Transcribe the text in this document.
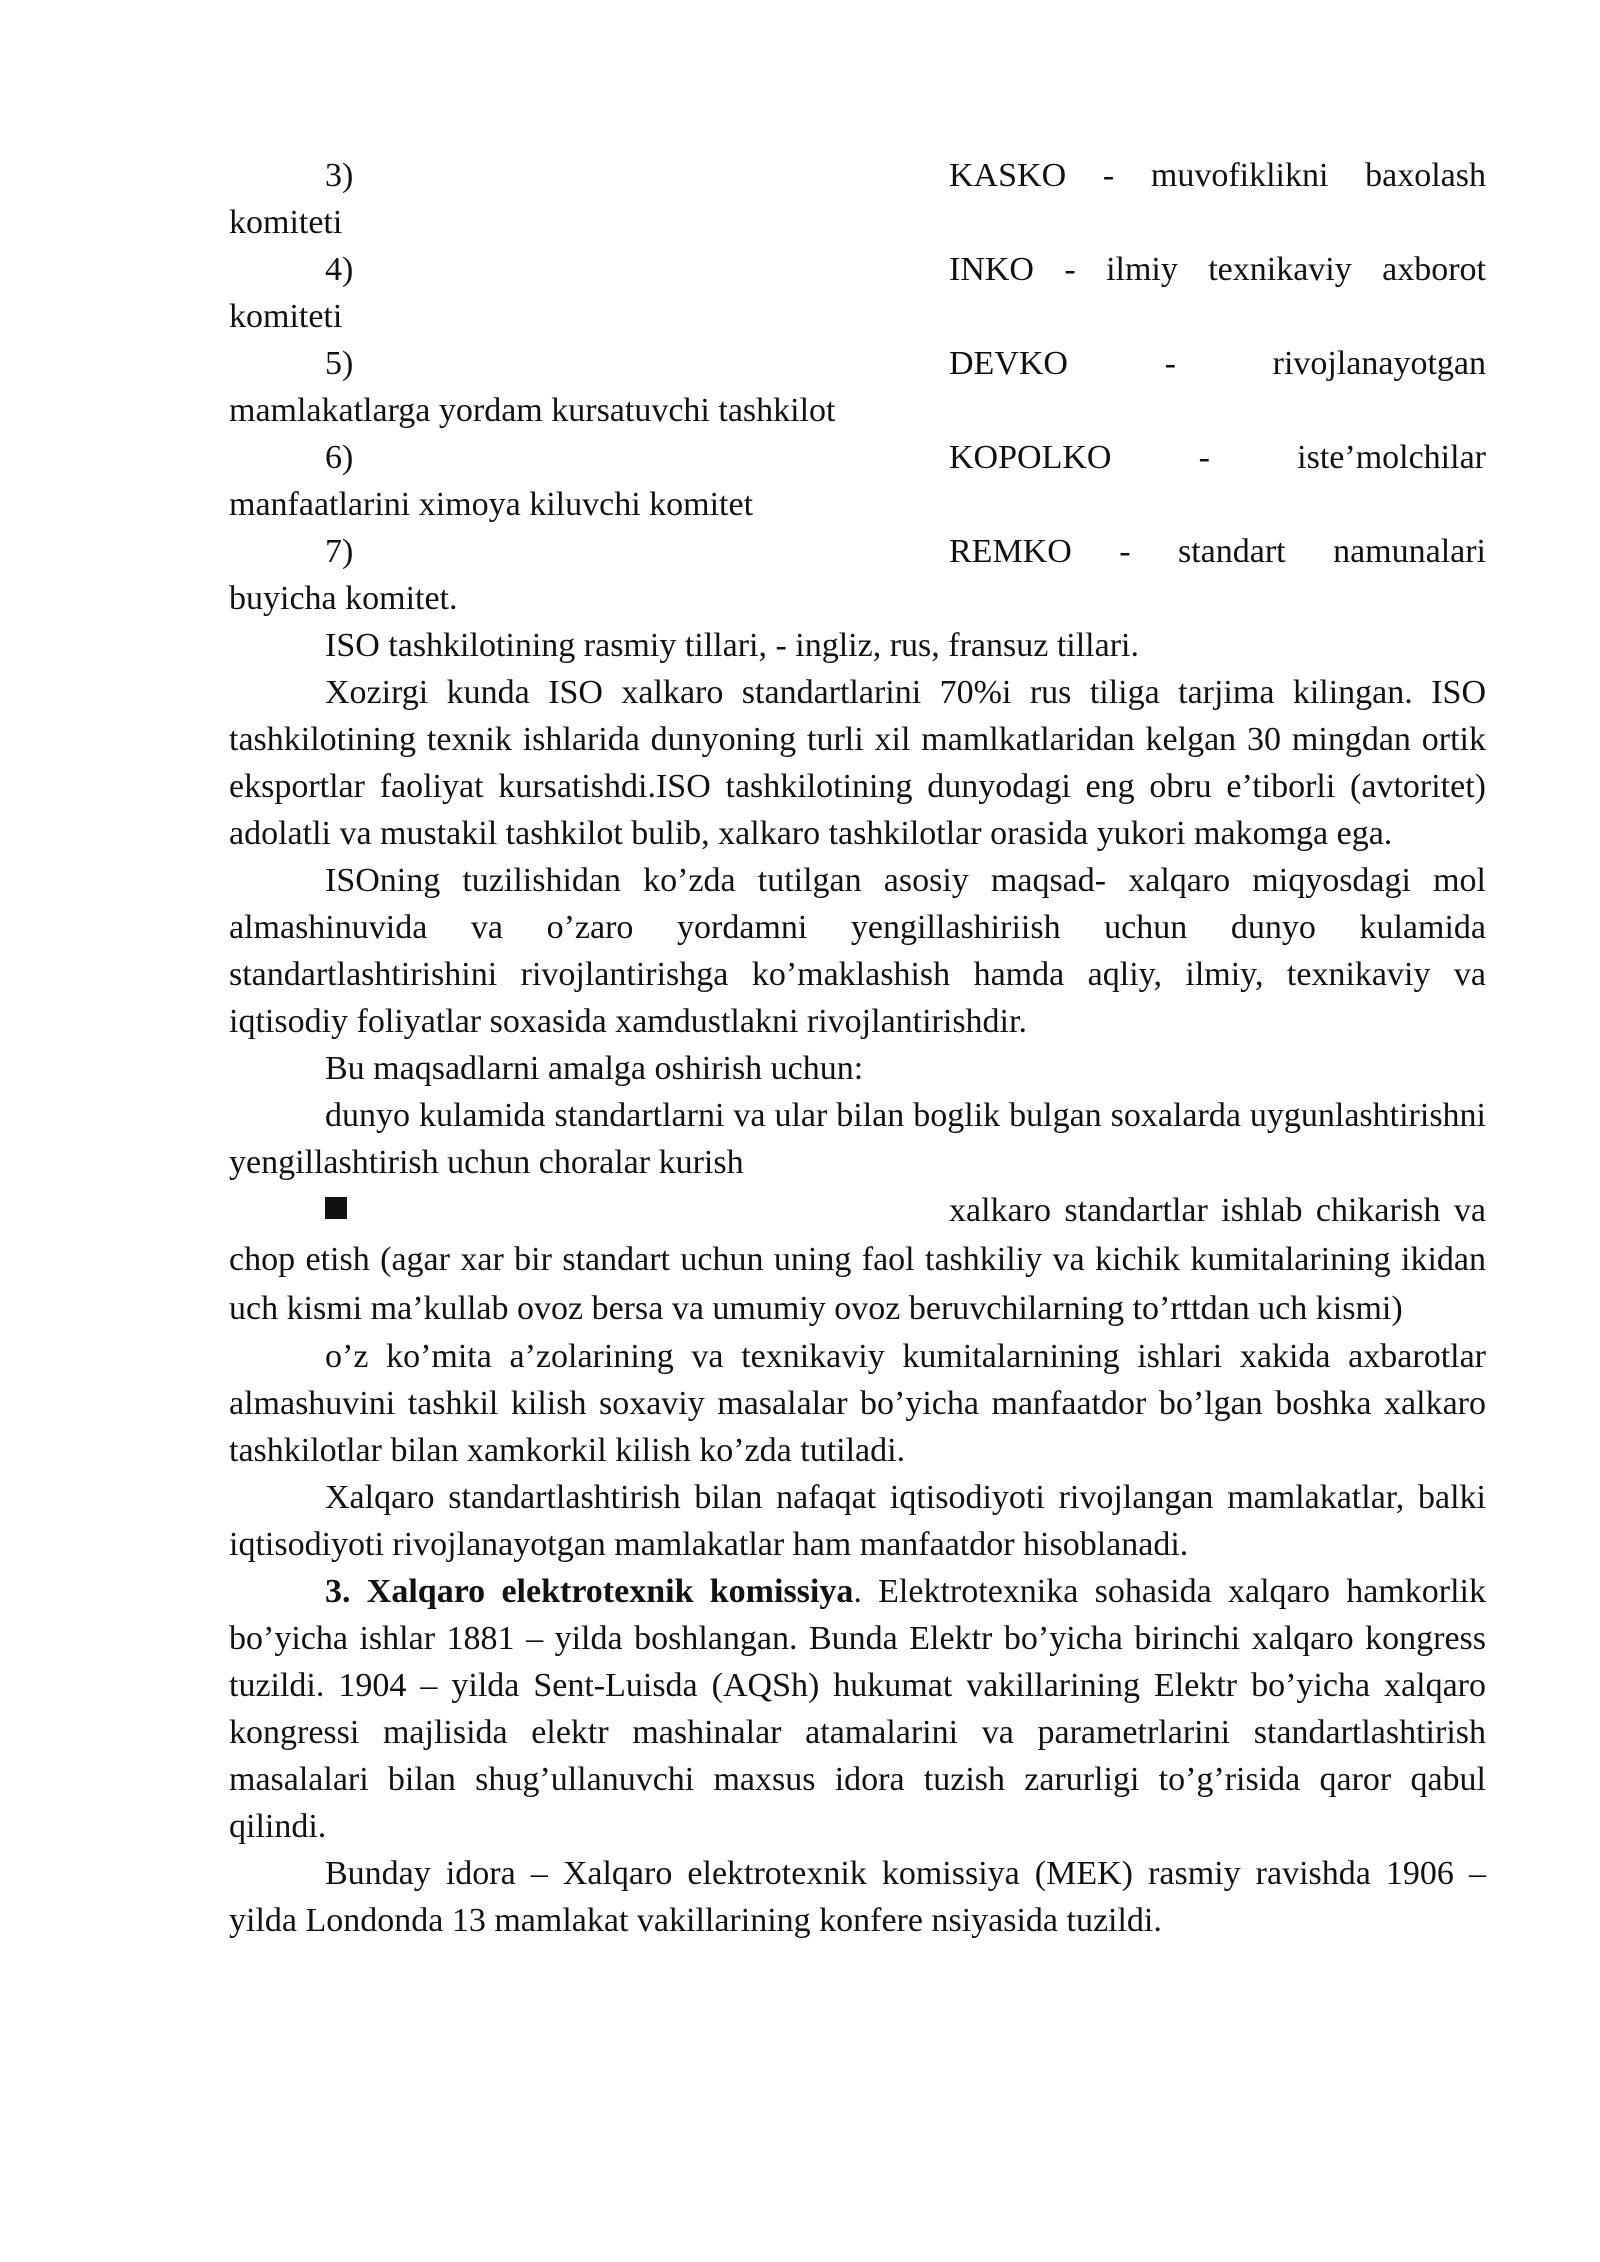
3)	KASKO - muvofiklikni baxolash
komiteti
4)	INKO - ilmiy texnikaviy axborot
komiteti
5)	DEVKO - rivojlanayotgan
mamlakatlarga yordam kursatuvchi tashkilot
6)	KOPOLKO - iste’molchilar
manfaatlarini ximoya kiluvchi komitet
7)	REMKO - standart namunalari
buyicha komitet.

ISO tashkilotining rasmiy tillari, - ingliz, rus, fransuz tillari.

Xozirgi kunda ISO xalkaro standartlarini 70%i rus tiliga tarjima kilingan. ISO tashkilotining texnik ishlarida dunyoning turli xil mamlkatlaridan kelgan 30 mingdan ortik eksportlar faoliyat kursatishdi.ISO tashkilotining dunyodagi eng obru e’tiborli (avtoritet) adolatli va mustakil tashkilot bulib, xalkaro tashkilotlar orasida yukori makomga ega.

ISOning tuzilishidan ko’zda tutilgan asosiy maqsad- xalqaro miqyosdagi mol almashinuvida va o’zaro yordamni yengillashiriish uchun dunyo kulamida standartlashtirishini rivojlantirishga ko’maklashish hamda aqliy, ilmiy, texnikaviy va iqtisodiy foliyatlar soxasida xamdustlakni rivojlantirishdir.

Bu maqsadlarni amalga oshirish uchun:

dunyo kulamida standartlarni va ular bilan boglik bulgan soxalarda uygunlashtirishni yengillashtirish uchun choralar kurish

xalkaro standartlar ishlab chikarish va chop etish (agar xar bir standart uchun uning faol tashkiliy va kichik kumitalarining ikidan uch kismi ma’kullab ovoz bersa va umumiy ovoz beruvchilarning to’rttdan uch kismi)

o’z ko’mita a’zolarining va texnikaviy kumitalarnining ishlari xakida axbarotlar almashuvini tashkil kilish soxaviy masalalar bo’yicha manfaatdor bo’lgan boshka xalkaro tashkilotlar bilan xamkorkil kilish ko’zda tutiladi.

Xalqaro standartlashtirish bilan nafaqat iqtisodiyoti rivojlangan mamlakatlar, balki iqtisodiyoti rivojlanayotgan mamlakatlar ham manfaatdor hisoblanadi.

3. Xalqaro elektrotexnik komissiya. Elektrotexnika sohasida xalqaro hamkorlik bo’yicha ishlar 1881 – yilda boshlangan. Bunda Elektr bo’yicha birinchi xalqaro kongress tuzildi. 1904 – yilda Sent-Luisda (AQSh) hukumat vakillarining Elektr bo’yicha xalqaro kongressi majlisida elektr mashinalar atamalarini va parametrlarini standartlashtirish masalalari bilan shug’ullanuvchi maxsus idora tuzish zarurligi to’g’risida qaror qabul qilindi.

Bunday idora – Xalqaro elektrotexnik komissiya (MEK) rasmiy ravishda 1906 – yilda Londonda 13 mamlakat vakillarining konfere nsiyasida tuzildi.
